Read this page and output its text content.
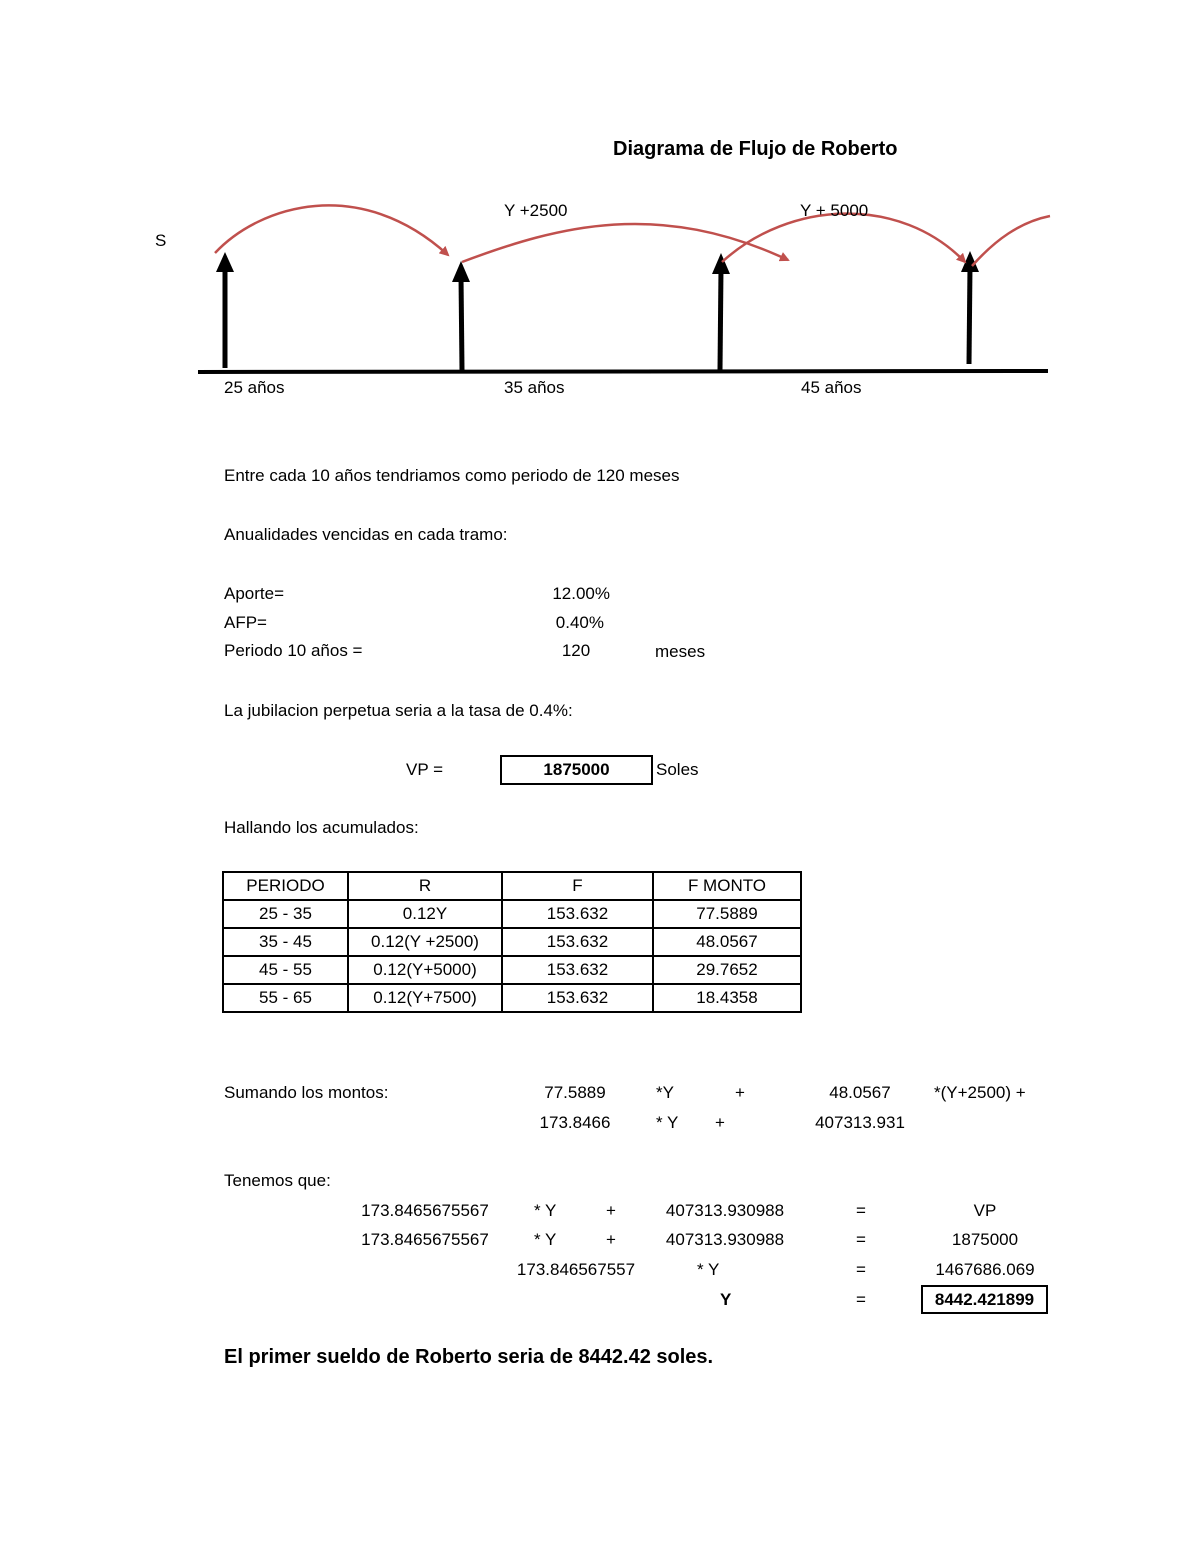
Diagrama de Flujo de Roberto
S
Y +2500	Y + 5000
25 años	35 años	45 años
Entre cada 10 años tendriamos como periodo de 120 meses
Anualidades vencidas en cada tramo:
Aporte=	12.00%
AFP=	0.40%
Periodo 10 años =	120	meses
La jubilacion perpetua seria a la tasa de 0.4%:
VP =	1875000	Soles
Hallando los acumulados:
PERIODO	R	F	F MONTO
25 - 35	0.12Y	153.632	77.5889
35 - 45	0.12(Y +2500)	153.632	48.0567
45 - 55	0.12(Y+5000)	153.632	29.7652
55 - 65	0.12(Y+7500)	153.632	18.4358
Sumando los montos:	77.5889	*Y	+	48.0567	*(Y+2500) +
173.8466	* Y +	407313.931
Tenemos que:
173.8465675567	* Y	+	407313.930988	=	VP
173.8465675567	* Y	+	407313.930988	=	1875000
173.846567557	* Y	=	1467686.069
Y	=	8442.421899
El primer sueldo de Roberto seria de 8442.42 soles.
